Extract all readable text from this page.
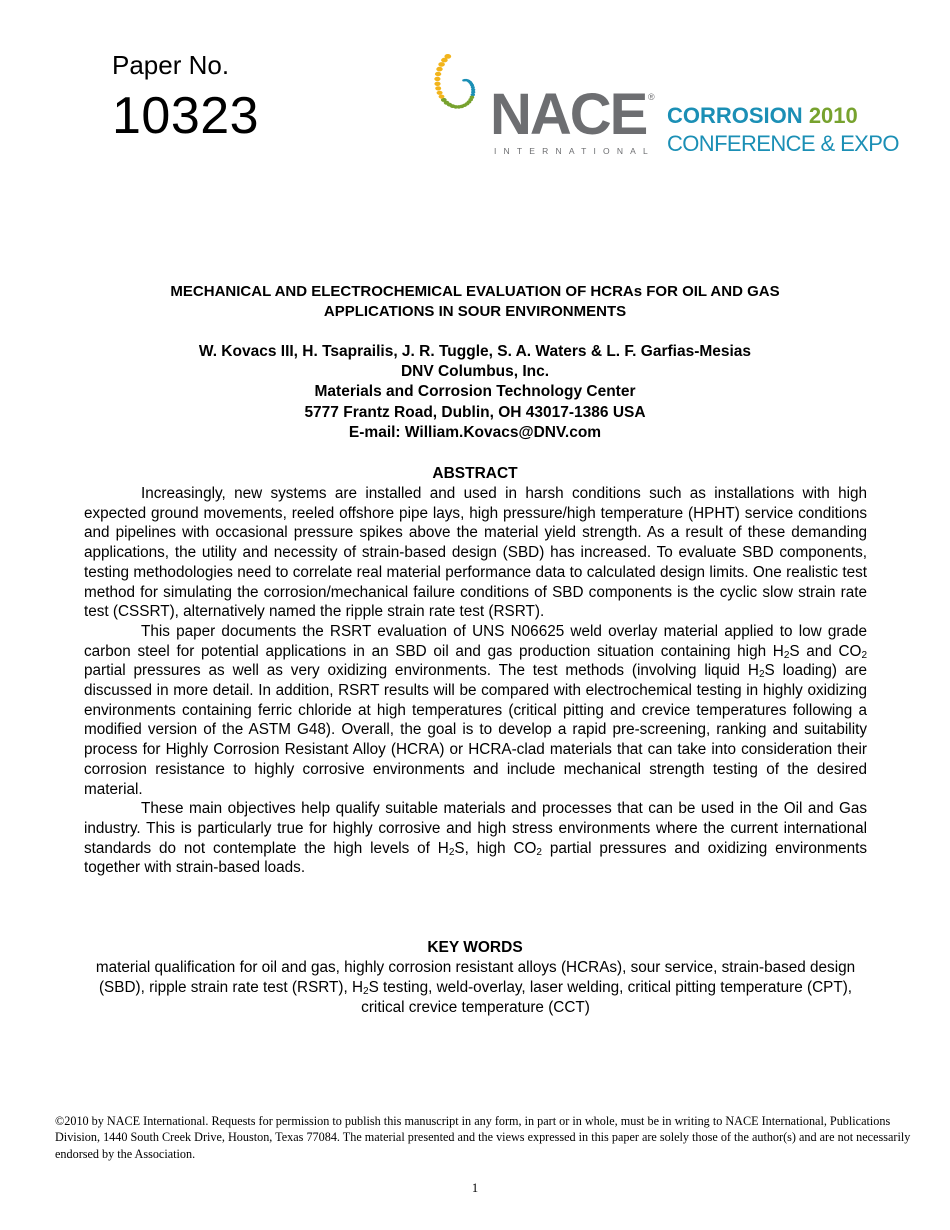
Paper No.
10323	NACE ®
INTERNATIONAL
CORROSION 2010
CONFERENCE & EXPO
MECHANICAL AND ELECTROCHEMICAL EVALUATION OF HCRAs FOR OIL AND GAS
APPLICATIONS IN SOUR ENVIRONMENTS
W. Kovacs III, H. Tsaprailis, J. R. Tuggle, S. A. Waters & L. F. Garfias-Mesias
DNV Columbus, Inc.
Materials and Corrosion Technology Center
5777 Frantz Road, Dublin, OH 43017-1386 USA
E-mail: William.Kovacs@DNV.com
ABSTRACT

Increasingly, new systems are installed and used in harsh conditions such as installations with high expected ground movements, reeled offshore pipe lays, high pressure/high temperature (HPHT) service conditions and pipelines with occasional pressure spikes above the material yield strength. As a result of these demanding applications, the utility and necessity of strain-based design (SBD) has increased. To evaluate SBD components, testing methodologies need to correlate real material performance data to calculated design limits. One realistic test method for simulating the corrosion/mechanical failure conditions of SBD components is the cyclic slow strain rate test (CSSRT), alternatively named the ripple strain rate test (RSRT).

This paper documents the RSRT evaluation of UNS N06625 weld overlay material applied to low grade carbon steel for potential applications in an SBD oil and gas production situation containing high $H_2S$ and $CO_2$ partial pressures as well as very oxidizing environments. The test methods (involving liquid $H_2S$ loading) are discussed in more detail. In addition, RSRT results will be compared with electrochemical testing in highly oxidizing environments containing ferric chloride at high temperatures (critical pitting and crevice temperatures following a modified version of the ASTM G48). Overall, the goal is to develop a rapid pre-screening, ranking and suitability process for Highly Corrosion Resistant Alloy (HCRA) or HCRA-clad materials that can take into consideration their corrosion resistance to highly corrosive environments and include mechanical strength testing of the desired material.

These main objectives help qualify suitable materials and processes that can be used in the Oil and Gas industry. This is particularly true for highly corrosive and high stress environments where the current international standards do not contemplate the high levels of $H_2S$, high $CO_2$ partial pressures and oxidizing environments together with strain-based loads.

KEY WORDS
material qualification for oil and gas, highly corrosion resistant alloys (HCRAs), sour service, strain-based design (SBD), ripple strain rate test (RSRT), $H_2S$ testing, weld-overlay, laser welding, critical pitting temperature (CPT), critical crevice temperature (CCT)
©2010 by NACE International. Requests for permission to publish this manuscript in any form, in part or in whole, must be in writing to NACE International, Publications Division, 1440 South Creek Drive, Houston, Texas 77084. The material presented and the views expressed in this paper are solely those of the author(s) and are not necessarily endorsed by the Association.
1
